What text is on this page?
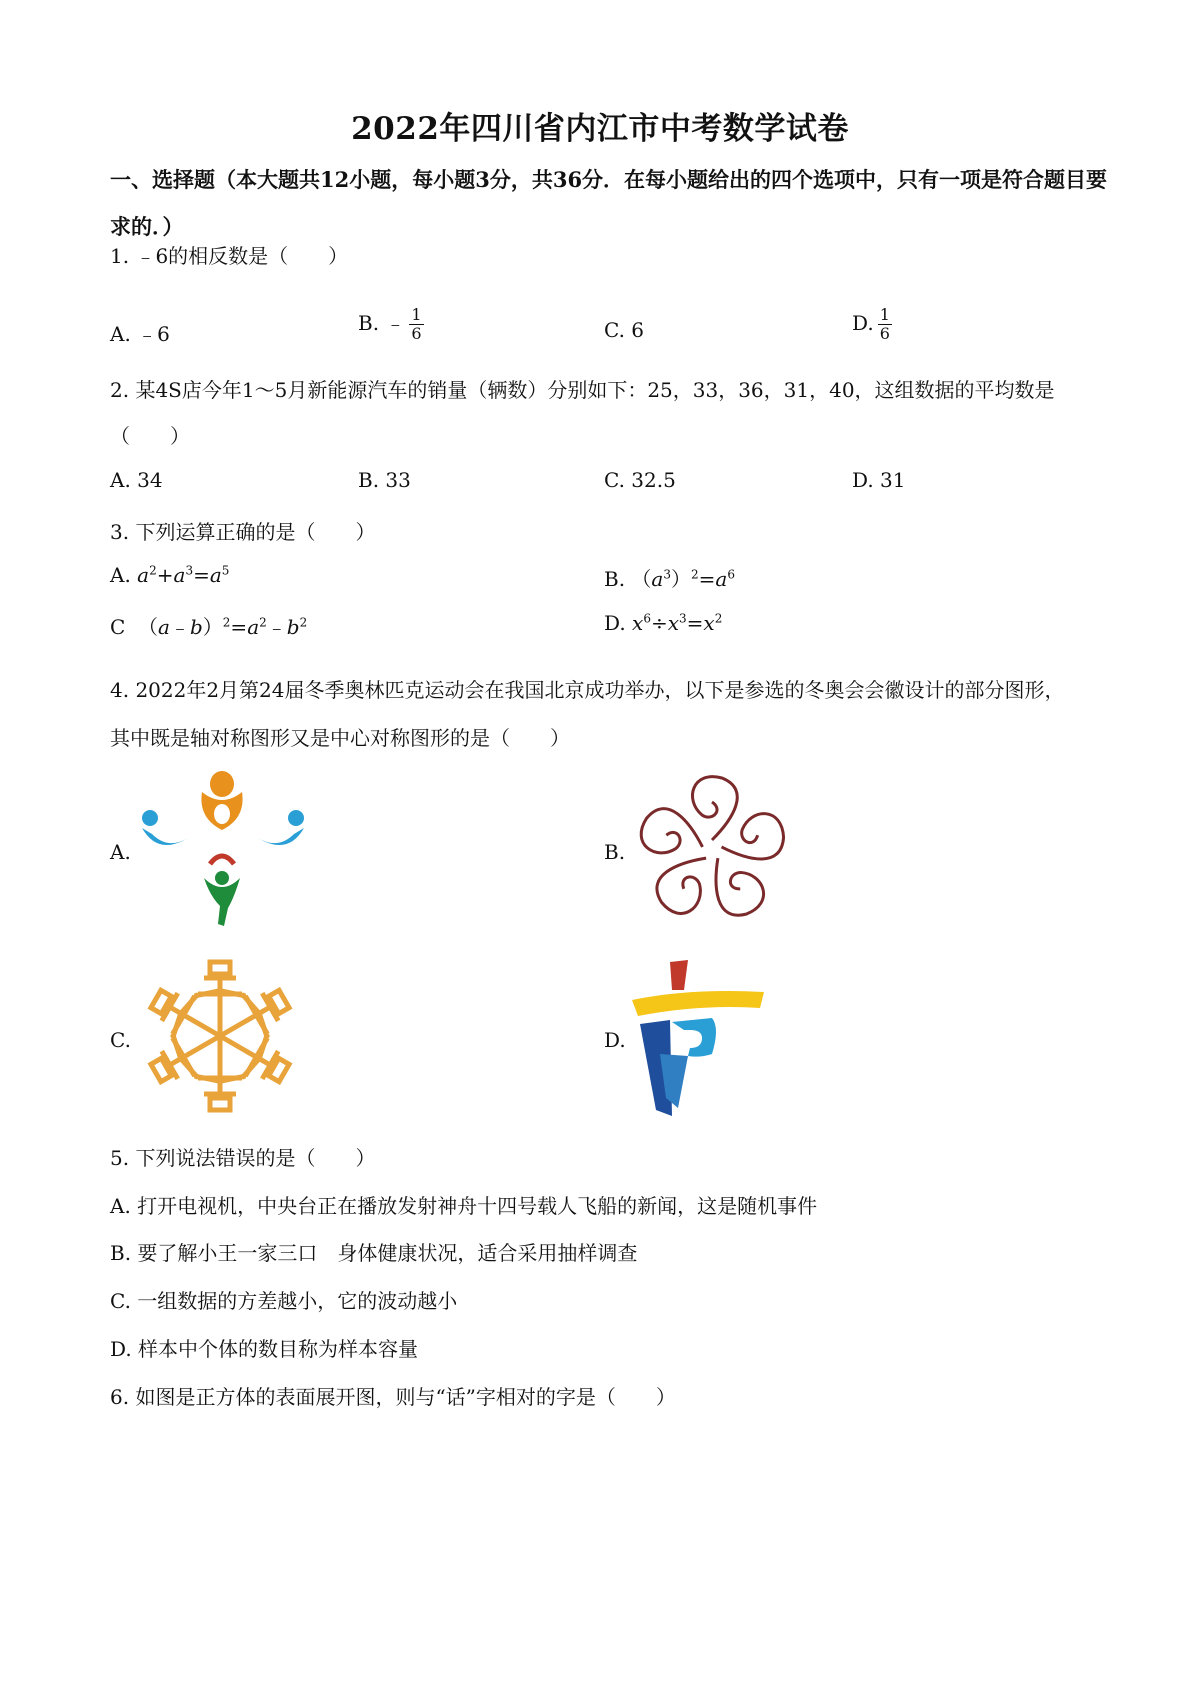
2022年四川省内江市中考数学试卷
一、选择题（本大题共12小题，每小题3分，共36分．在每小题给出的四个选项中，只有一项是符合题目要求的．）
1. ﹣6的相反数是（　　）
A. ﹣6	B. ﹣ $\frac{1}{6}$	C. 6	D. $\frac{1}{6}$
2. 某4S店今年1～5月新能源汽车的销量（辆数）分别如下：25，33，36，31，40，这组数据的平均数是
（　　）
A. 34	B. 33	C. 32.5	D. 31
3. 下列运算正确的是（　　）
A. $a^2+a^3=a^5$	B. $(a^3)^2=a^6$
C  $(a﹣b)^2=a^2﹣b^2$	D. $x^6\div x^3=x^2$
4. 2022年2月第24届冬季奥林匹克运动会在我国北京成功举办，以下是参选的冬奥会会徽设计的部分图形，
其中既是轴对称图形又是中心对称图形的是（　　）
A.	B.
C.	D.
5. 下列说法错误的是（　　）
A. 打开电视机，中央台正在播放发射神舟十四号载人飞船的新闻，这是随机事件
B. 要了解小王一家三口　身体健康状况，适合采用抽样调查
C. 一组数据的方差越小，它的波动越小
D. 样本中个体的数目称为样本容量
6. 如图是正方体的表面展开图，则与“话”字相对的字是（　　）
